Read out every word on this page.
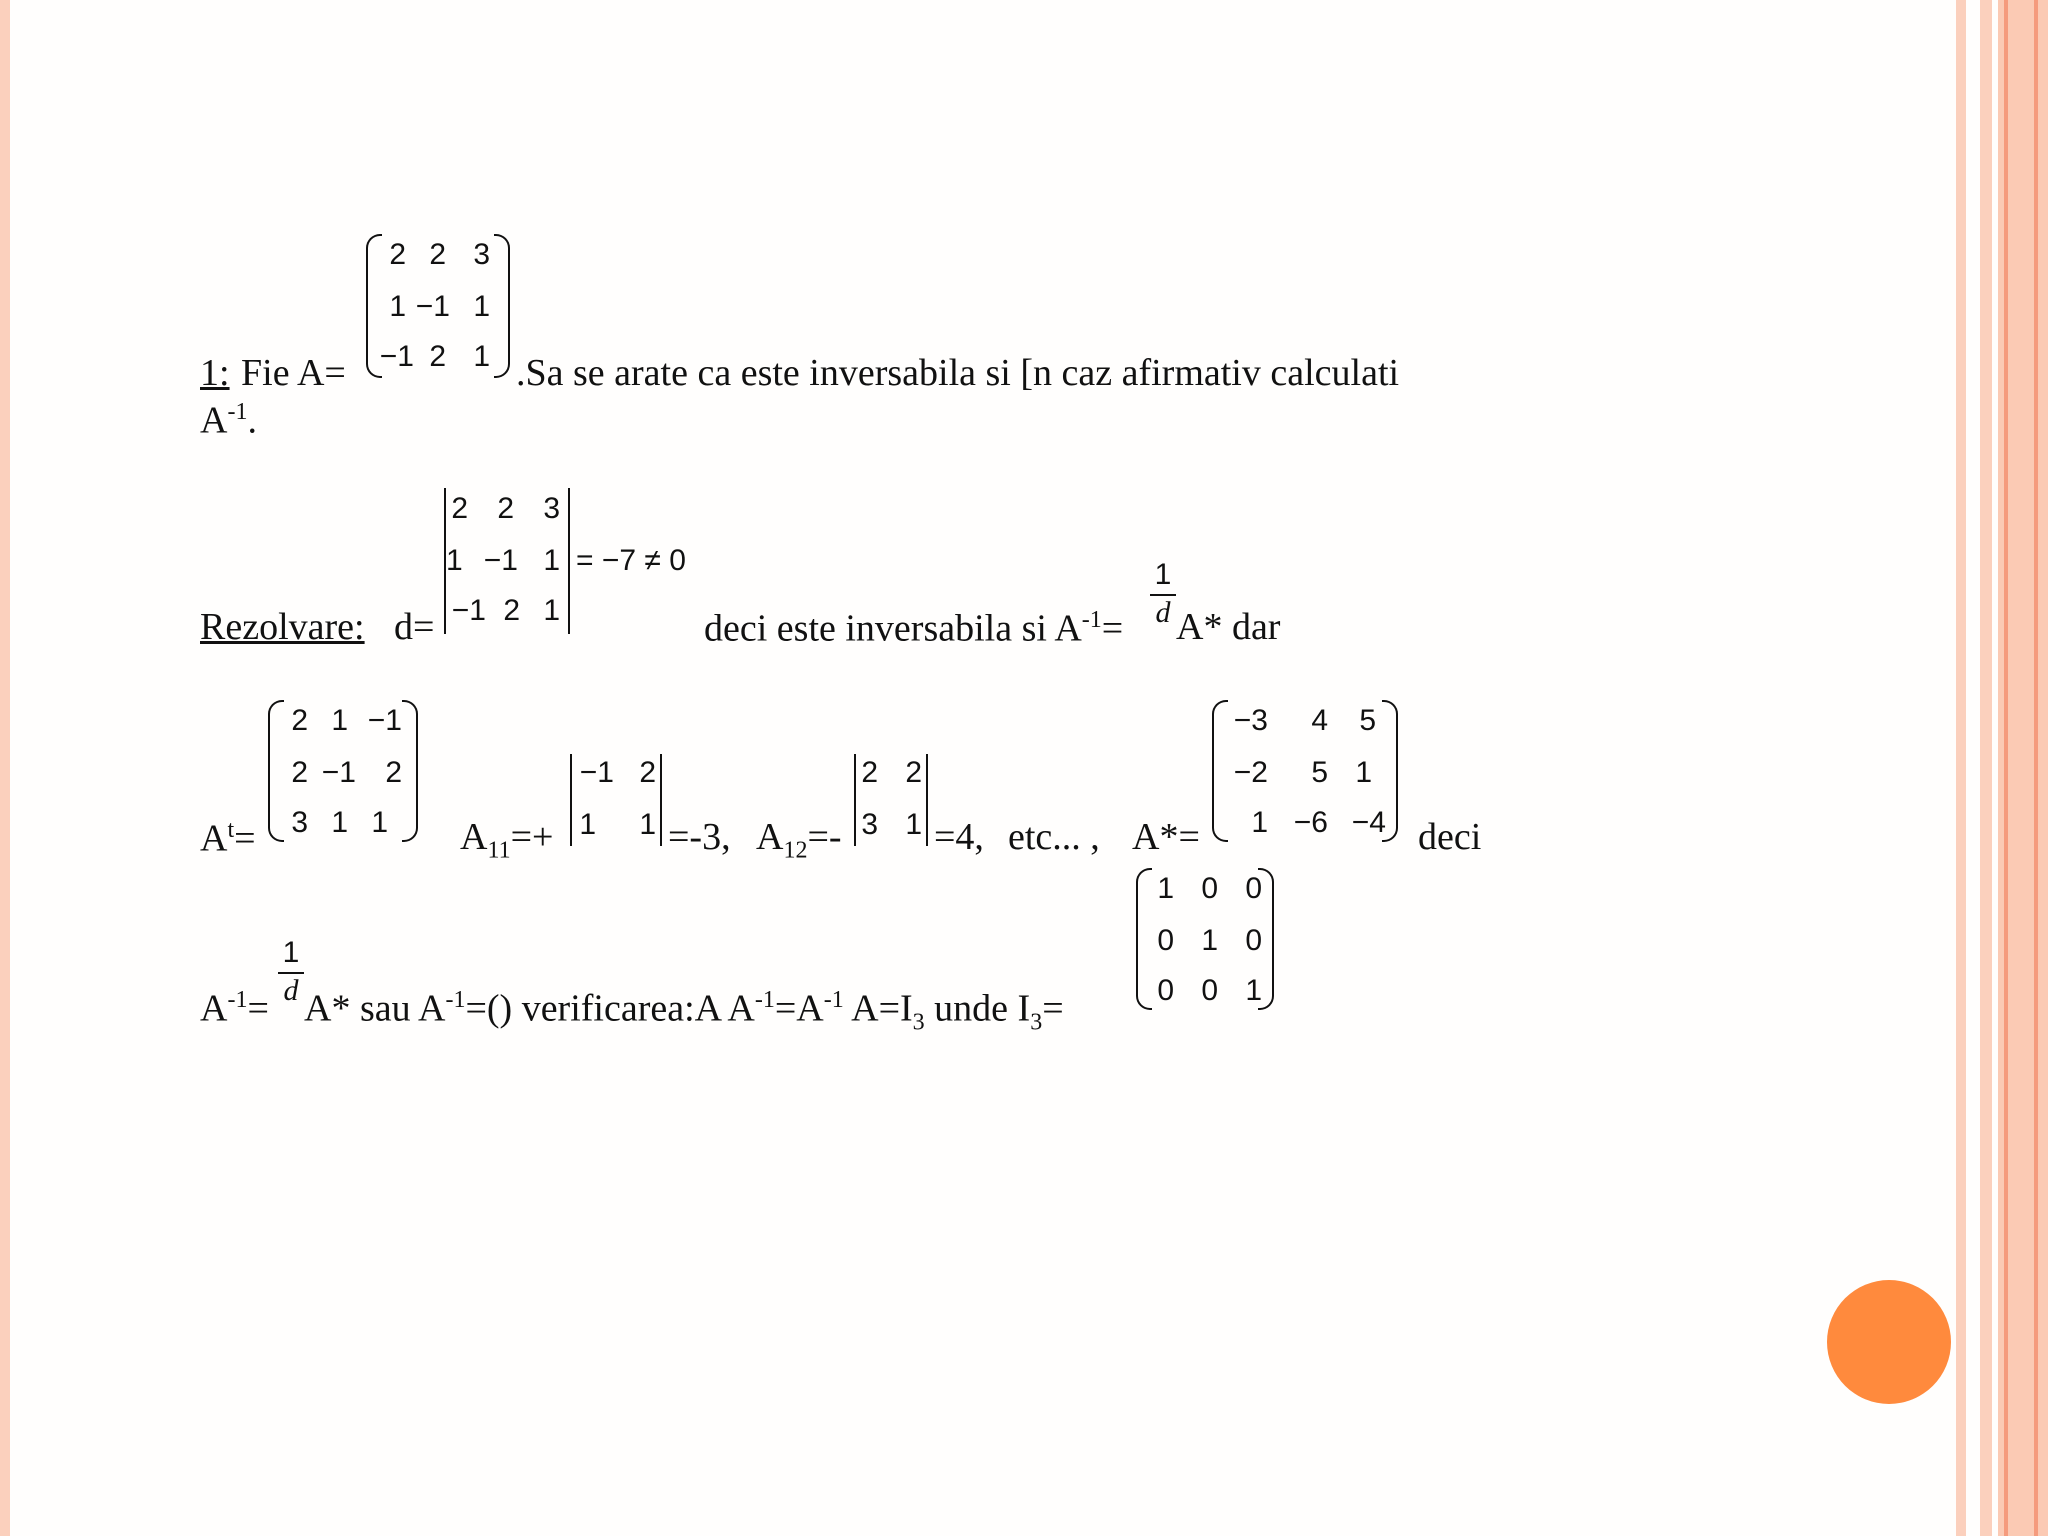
1: Fie A=
2 2 3
1 −1 1
−1 2 1 .Sa se arate ca este inversabila si [n caz afirmativ calculati
$A^{-1}$.
Rezolvare: d=
2 2 3
1 −1 1
−1 2 1
= −7 ≠ 0
deci este inversabila si $A^{-1}=$
$\frac{1}{d} A*$ dar
$A^t=$
2 1 −1
2 −1 2
3 1 1 $A_{11}=+$
−1 2
1	1 =-3, $A_{12}=-$
2 2
3 1 =4, etc... , A*=
−3	4	5
−2	5 1
1 −6 −4 deci
$A^{-1}=$
$\frac{1}{d}$
A* sau $A^{-1}=()$ verificarea:A $A^{-1}=A^{-1}$ $A=I_3$ unde $I_3=$
1 0 0
0 1 0
0 0 1
